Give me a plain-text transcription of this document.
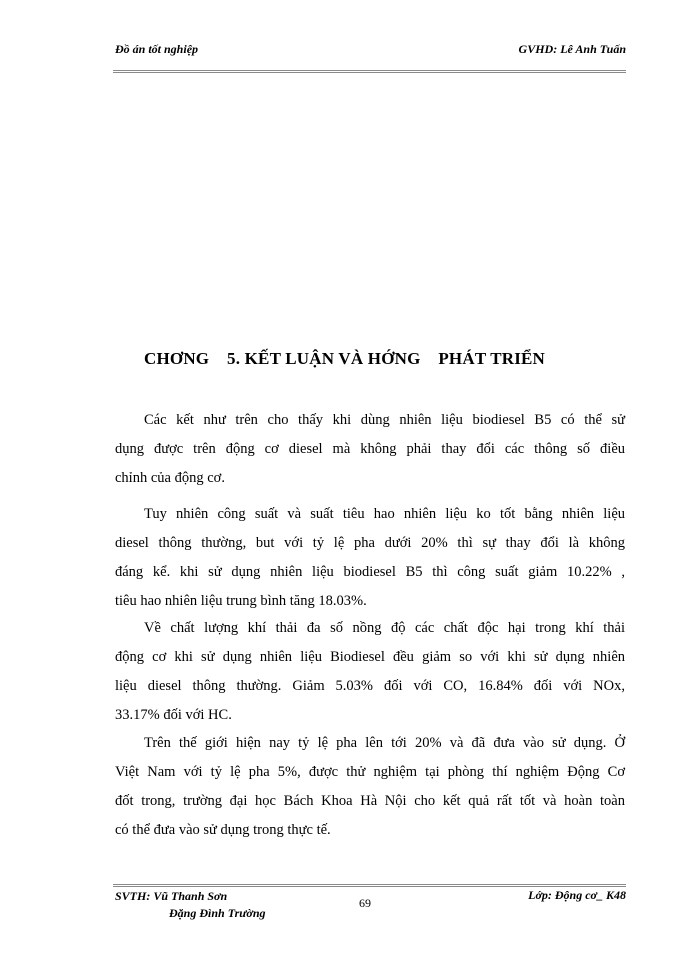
Đồ án tốt nghiệp	GVHD: Lê Anh Tuấn
CHƠNG    5. KẾT LUẬN VÀ HỚNG    PHÁT TRIỂN
Các kết như trên cho thấy khi dùng nhiên liệu biodiesel B5 có thể sử
dụng được trên động cơ diesel mà không phải thay đổi các thông số điều
chỉnh của động cơ.
Tuy nhiên công suất và suất tiêu hao nhiên liệu ko tốt bằng nhiên liệu
diesel thông thường, but với tỷ lệ pha dưới 20% thì sự thay đổi là không
đáng kể. khi sử dụng nhiên liệu biodiesel B5 thì công suất giảm 10.22% ,
tiêu hao nhiên liệu trung bình tăng 18.03%.
Về chất lượng khí thải đa số nồng độ các chất độc hại trong khí thải
động cơ khi sử dụng nhiên liệu Biodiesel đều giảm so với khi sử dụng nhiên
liệu diesel thông thường. Giảm 5.03% đối với CO, 16.84% đối với NOx,
33.17% đối với HC.
Trên thế giới hiện nay tỷ lệ pha lên tới 20% và đã đưa vào sử dụng. Ở
Việt Nam với tỷ lệ pha 5%, được thử nghiệm tại phòng thí nghiệm Động Cơ
đốt trong, trường đại học Bách Khoa Hà Nội cho kết quả rất tốt và hoàn toàn
có thể đưa vào sử dụng trong thực tế.
SVTH: Vũ Thanh Sơn
Đặng Đình Trường
69
Lớp: Động cơ_ K48
